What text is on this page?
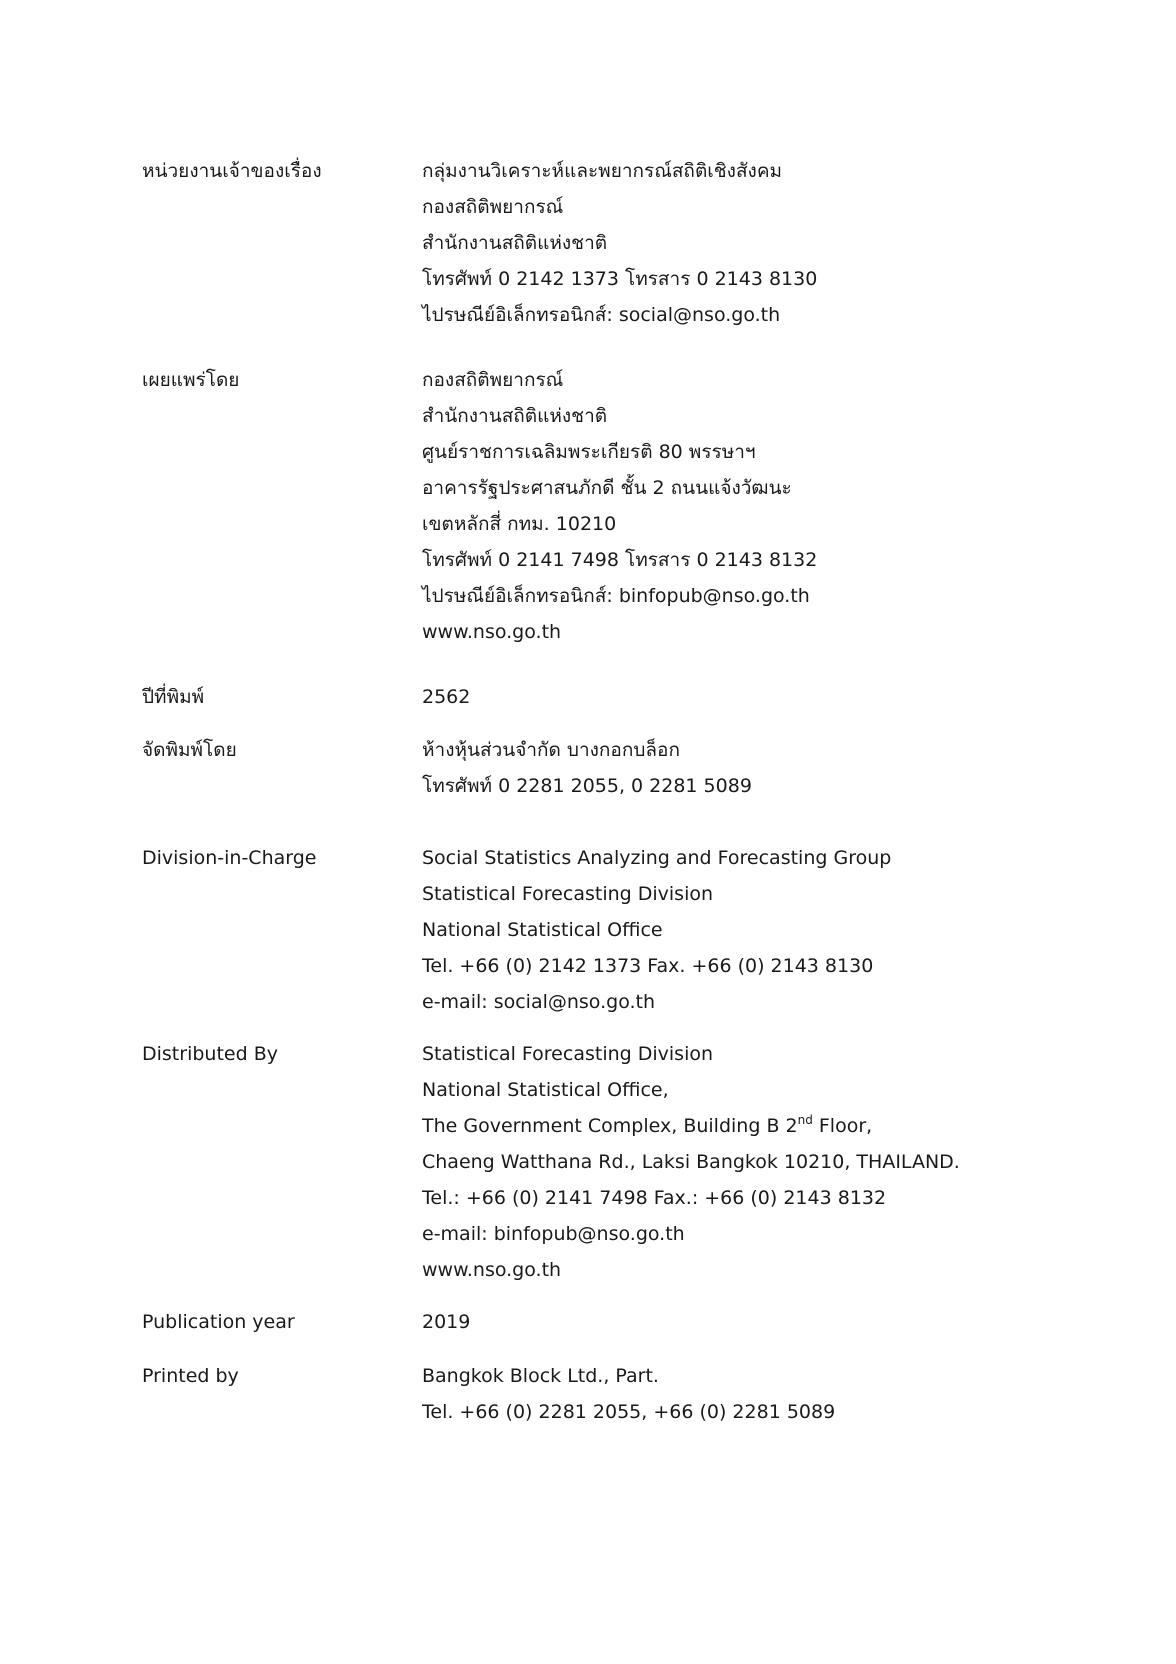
หน่วยงานเจ้าของเรื่อง	กลุ่มงานวิเคราะห์และพยากรณ์สถิติเชิงสังคม
กองสถิติพยากรณ์
สำนักงานสถิติแห่งชาติ
โทรศัพท์ 0 2142 1373 โทรสาร 0 2143 8130
ไปรษณีย์อิเล็กทรอนิกส์: social@nso.go.th
เผยแพร่โดย	กองสถิติพยากรณ์
สำนักงานสถิติแห่งชาติ
ศูนย์ราชการเฉลิมพระเกียรติ 80 พรรษาฯ
อาคารรัฐประศาสนภักดี ชั้น 2 ถนนแจ้งวัฒนะ
เขตหลักสี่ กทม. 10210
โทรศัพท์ 0 2141 7498 โทรสาร 0 2143 8132
ไปรษณีย์อิเล็กทรอนิกส์: binfopub@nso.go.th
www.nso.go.th
ปีที่พิมพ์	2562
จัดพิมพ์โดย	ห้างหุ้นส่วนจำกัด บางกอกบล็อก
โทรศัพท์ 0 2281 2055, 0 2281 5089
Division-in-Charge	Social Statistics Analyzing and Forecasting Group
Statistical Forecasting Division
National Statistical Office
Tel. +66 (0) 2142 1373 Fax. +66 (0) 2143 8130
e-mail: social@nso.go.th
Distributed By	Statistical Forecasting Division
National Statistical Office,
The Government Complex, Building B 2nd Floor,
Chaeng Watthana Rd., Laksi Bangkok 10210, THAILAND.
Tel.: +66 (0) 2141 7498 Fax.: +66 (0) 2143 8132
e-mail: binfopub@nso.go.th
www.nso.go.th
Publication year	2019
Printed by	Bangkok Block Ltd., Part.
Tel. +66 (0) 2281 2055, +66 (0) 2281 5089
